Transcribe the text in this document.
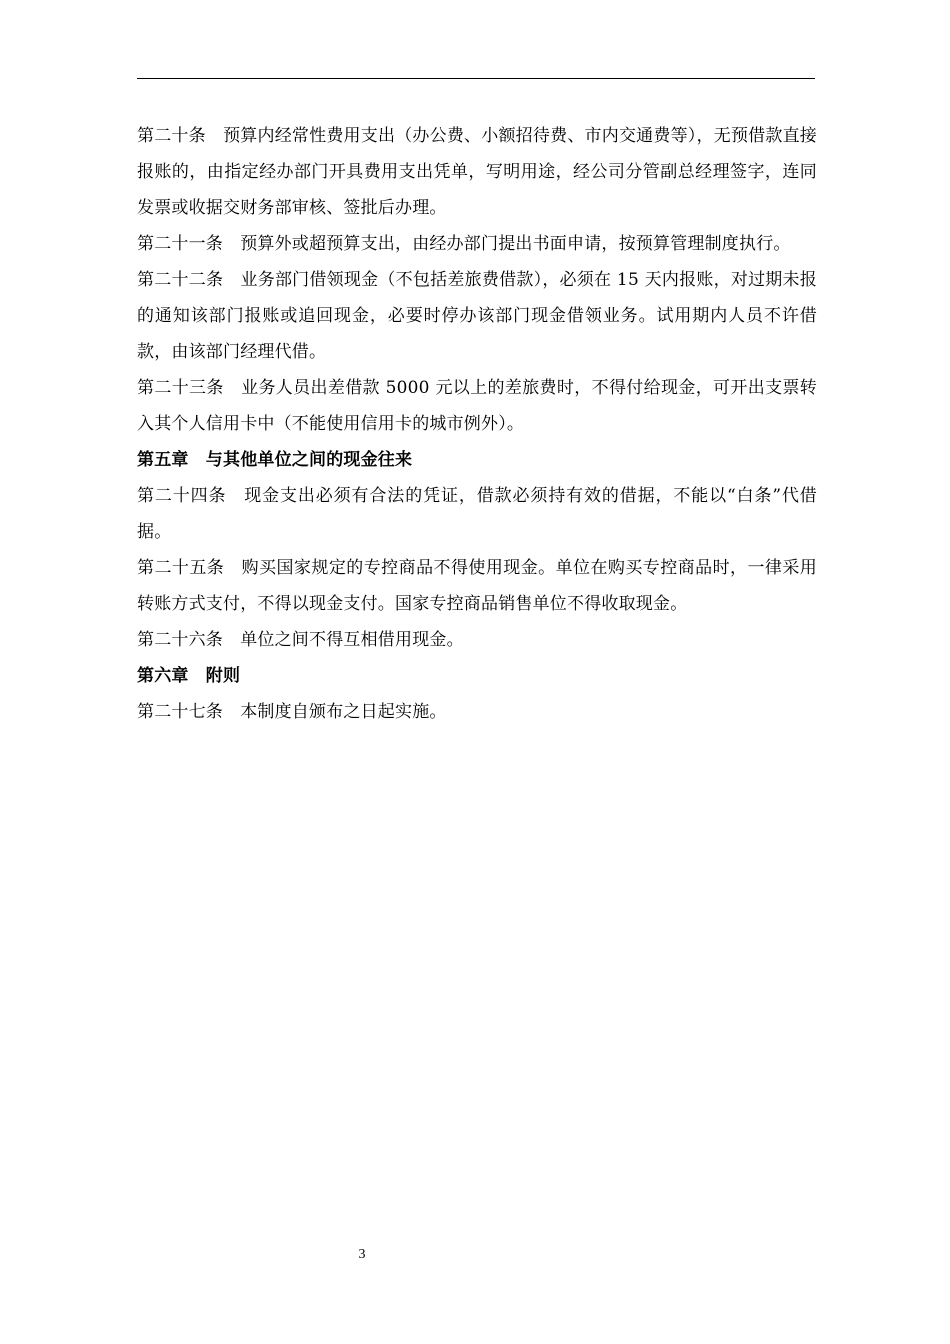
第二十条　预算内经常性费用支出（办公费、小额招待费、市内交通费等），无预借款直接报账的，由指定经办部门开具费用支出凭单，写明用途，经公司分管副总经理签字，连同发票或收据交财务部审核、签批后办理。

第二十一条　预算外或超预算支出，由经办部门提出书面申请，按预算管理制度执行。

第二十二条　业务部门借领现金（不包括差旅费借款），必须在 15 天内报账，对过期未报的通知该部门报账或追回现金，必要时停办该部门现金借领业务。试用期内人员不许借款，由该部门经理代借。

第二十三条　业务人员出差借款 5000 元以上的差旅费时，不得付给现金，可开出支票转入其个人信用卡中（不能使用信用卡的城市例外）。

第五章　与其他单位之间的现金往来

第二十四条　现金支出必须有合法的凭证，借款必须持有效的借据，不能以“白条”代借据。

第二十五条　购买国家规定的专控商品不得使用现金。单位在购买专控商品时，一律采用转账方式支付，不得以现金支付。国家专控商品销售单位不得收取现金。

第二十六条　单位之间不得互相借用现金。

第六章　附则

第二十七条　本制度自颁布之日起实施。

3
